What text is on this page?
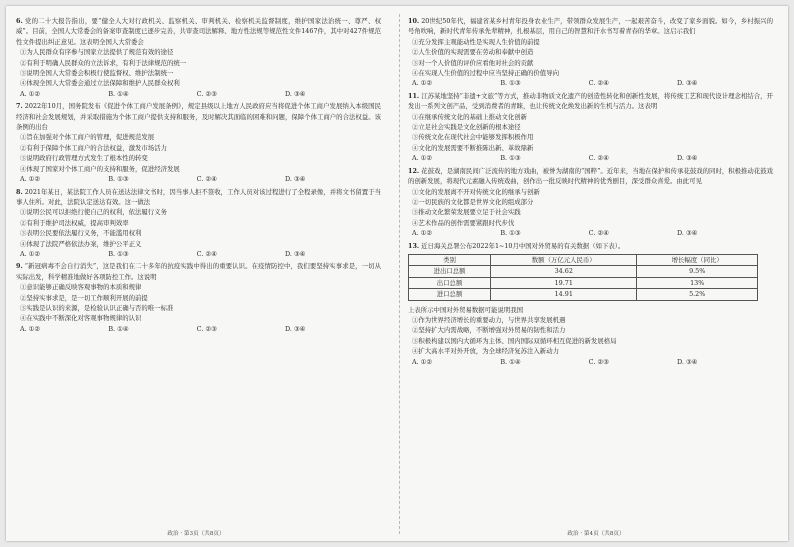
6. 党的二十大报告指出，要“健全人大对行政机关、监察机关、审判机关、检察机关监督制度，维护国家法治统一、尊严、权威”。目前，全国人大常委会的备案审查制度已逐步完善，共审查司法解释、地方性法规等规范性文件1467件，其中对427件规范性文件提出纠正意见。这表明全国人大常委会

①为人民群众有序参与国家立法提供了规范有效的途径

②有利于明确人民群众的立法诉求，有利于法律规范的统一

③说明全国人大常委会积极行使监督权、维护法制统一

④体现全国人大常委会通过立法保障和维护人民群众权利

A. ①②	B. ①④	C. ②③	D. ③④

7. 2022年10月，国务院发布《促进个体工商户发展条例》，规定县级以上地方人民政府应当将促进个体工商户发展纳入本级国民经济和社会发展规划，并采取措施为个体工商户提供支持和服务，及时解决其面临的困难和问题，保障个体工商户的合法权益。该条例的出台

①旨在加强对个体工商户的管理，促进规范发展

②有利于保障个体工商户的合法权益，激发市场活力

③说明政府行政管理方式发生了根本性的转变

④体现了国家对个体工商户的支持和服务，促进经济发展

A. ①②	B. ①③	C. ②④	D. ③④

8. 2021年某日，某法院工作人员在送达法律文书时，因当事人拒不签收，工作人员对该过程进行了全程录像，并将文书留置于当事人住所。对此，法院认定送达有效。这一做法

①说明公民可以拒绝行使自己的权利，依法履行义务

②有利于维护司法权威，提高审判效率

③表明公民要依法履行义务，不能滥用权利

④体现了法院严格依法办案，维护公平正义

A. ①②	B. ①③	C. ②④	D. ③④

9. “新冠病毒不会自行消失”，这是我们在二十多年的抗疫实践中得出的重要认识。在疫情防控中，我们要坚持实事求是，一切从实际出发，科学精准地做好各项防控工作。这说明

①意识能够正确反映客观事物的本质和规律

②坚持实事求是，是一切工作顺利开展的前提

③实践是认识的来源，是检验认识正确与否的唯一标准

④在实践中不断深化对客观事物规律的认识

A. ①②	B. ①④	C. ②③	D. ③④

10. 20世纪50年代，福建省某乡村青年投身农业生产，带领群众发展生产，一起艰苦奋斗，改变了家乡面貌。如今，乡村振兴的号角吹响，新时代青年传承先辈精神，扎根基层，用自己的智慧和汗水书写着青春的华章。这启示我们

①充分发挥主观能动性是实现人生价值的前提

②人生价值的实现需要在劳动和奉献中创造

③对一个人价值的评价应看他对社会的贡献

④在实现人生价值的过程中应当坚持正确的价值导向

A. ①②	B. ①③	C. ②④	D. ③④

11. 江苏某地坚持“非遗+文旅”等方式，推动非物质文化遗产的创造性转化和创新性发展，将传统工艺和现代设计理念相结合，开发出一系列文创产品，受到消费者的青睐，也让传统文化焕发出新的生机与活力。这表明

①在继承传统文化的基础上推动文化创新

②立足社会实践是文化创新的根本途径

③传统文化在现代社会中能够发挥积极作用

④文化的发展需要不断推陈出新、革故鼎新

A. ①②	B. ①③	C. ②④	D. ③④

12. 花鼓戏，是湖南民间广泛流传的地方戏曲，被誉为湖南的“国粹”。近年来，当地在保护和传承花鼓戏的同时，积极推动花鼓戏的创新发展，将现代元素融入传统戏曲，创作出一批反映时代精神的优秀剧目，深受群众喜爱。由此可见

①文化的发展离不开对传统文化的继承与创新

②一切民族的文化都是世界文化的组成部分

③推动文化繁荣发展要立足于社会实践

④艺术作品的创作需要紧跟时代步伐

A. ①②	B. ①③	C. ②④	D. ③④

13. 近日海关总署公布2022年1~10月中国对外贸易的有关数据（如下表）。

类别	数额（万亿元人民币）	增长幅度（同比）
进出口总额	34.62	9.5%
出口总额	19.71	13%
进口总额	14.91	5.2%

上表所示中国对外贸易数据可能说明我国

①作为世界经济增长的重要动力，与世界共享发展机遇

②坚持扩大内需战略，不断增强对外贸易的韧性和活力

③积极构建以国内大循环为主体、国内国际双循环相互促进的新发展格局

④扩大高水平对外开放，为全球经济复苏注入新动力

A. ①②	B. ①④	C. ②③	D. ③④

政治 · 第3页（共8页）	政治 · 第4页（共8页）
